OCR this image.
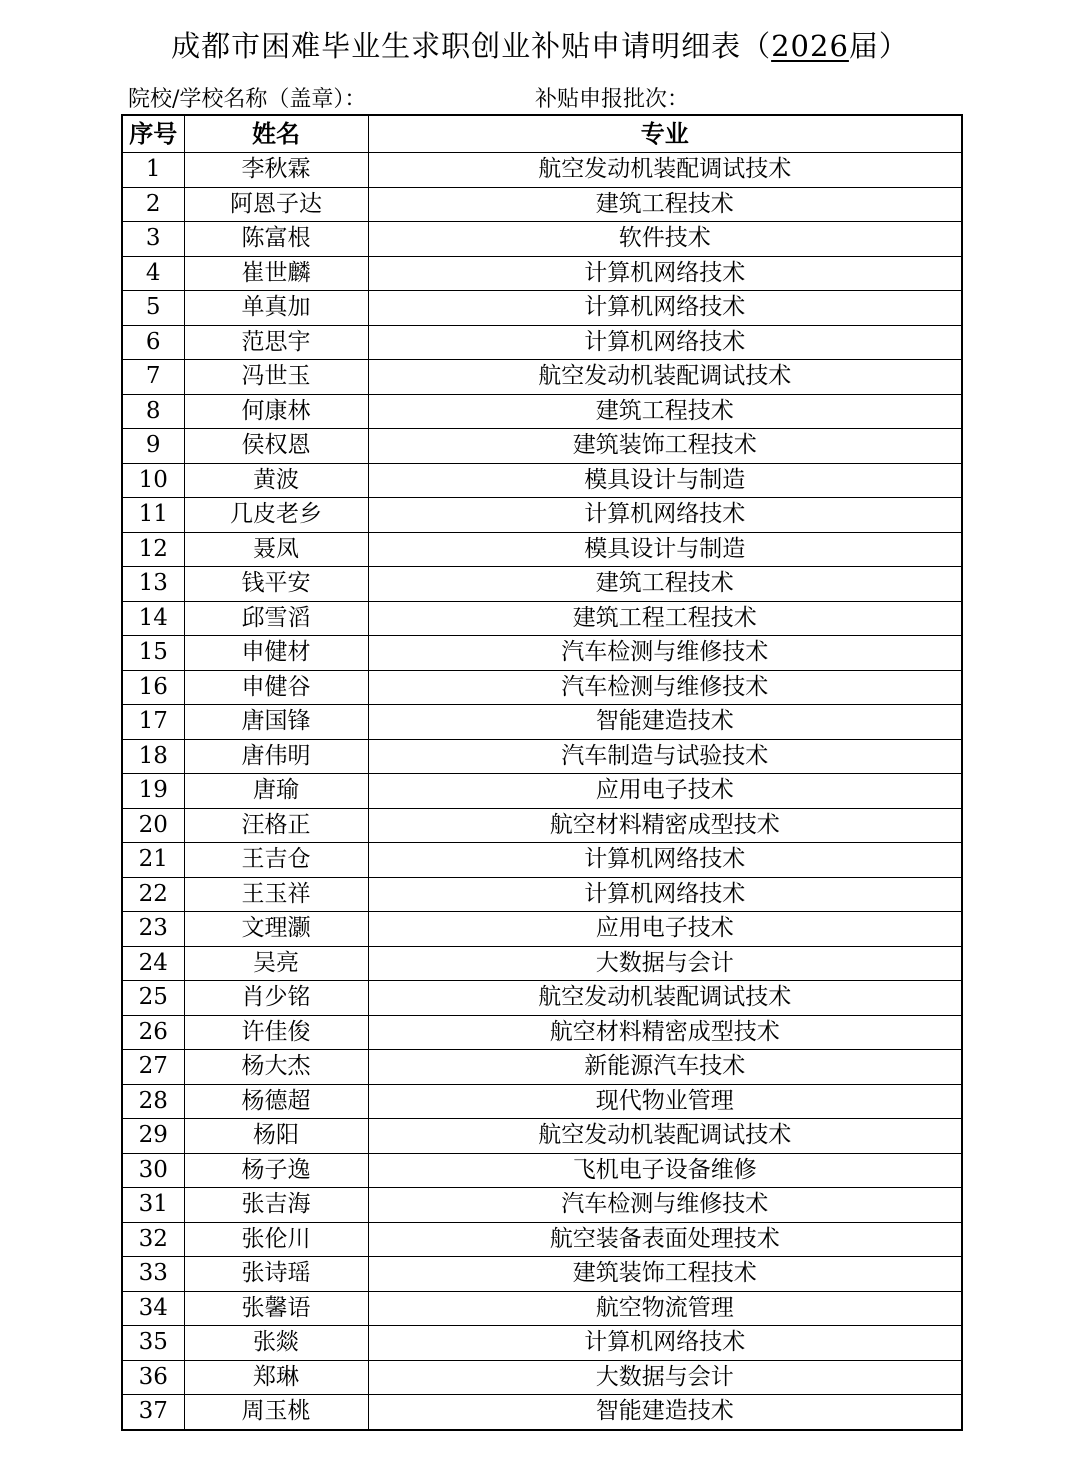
成都市困难毕业生求职创业补贴申请明细表（2026届）
院校/学校名称（盖章）：	补贴申报批次：
序号	姓名	专业
1	李秋霖	航空发动机装配调试技术
2	阿恩子达	建筑工程技术
3	陈富根	软件技术
4	崔世麟	计算机网络技术
5	单真加	计算机网络技术
6	范思宇	计算机网络技术
7	冯世玉	航空发动机装配调试技术
8	何康林	建筑工程技术
9	侯权恩	建筑装饰工程技术
10	黄波	模具设计与制造
11	几皮老乡	计算机网络技术
12	聂凤	模具设计与制造
13	钱平安	建筑工程技术
14	邱雪滔	建筑工程工程技术
15	申健材	汽车检测与维修技术
16	申健谷	汽车检测与维修技术
17	唐国锋	智能建造技术
18	唐伟明	汽车制造与试验技术
19	唐瑜	应用电子技术
20	汪格正	航空材料精密成型技术
21	王吉仓	计算机网络技术
22	王玉祥	计算机网络技术
23	文理灏	应用电子技术
24	吴亮	大数据与会计
25	肖少铭	航空发动机装配调试技术
26	许佳俊	航空材料精密成型技术
27	杨大杰	新能源汽车技术
28	杨德超	现代物业管理
29	杨阳	航空发动机装配调试技术
30	杨子逸	飞机电子设备维修
31	张吉海	汽车检测与维修技术
32	张伦川	航空装备表面处理技术
33	张诗瑶	建筑装饰工程技术
34	张馨语	航空物流管理
35	张燚	计算机网络技术
36	郑琳	大数据与会计
37	周玉桃	智能建造技术
